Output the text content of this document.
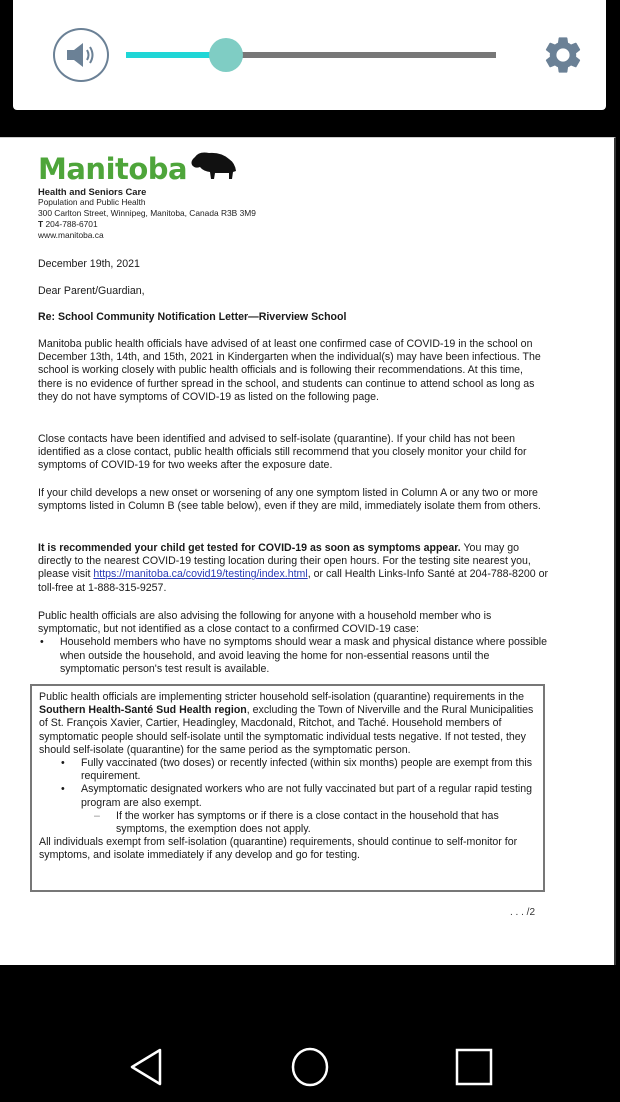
Manitoba
Health and Seniors Care
Population and Public Health
300 Carlton Street, Winnipeg, Manitoba, Canada R3B 3M9
T 204-788-6701
www.manitoba.ca
December 19th, 2021
Dear Parent/Guardian,
Re: School Community Notification Letter—Riverview School
Manitoba public health officials have advised of at least one confirmed case of COVID-19 in the school on December 13th, 14th, and 15th, 2021 in Kindergarten when the individual(s) may have been infectious. The school is working closely with public health officials and is following their recommendations. At this time, there is no evidence of further spread in the school, and students can continue to attend school as long as they do not have symptoms of COVID-19 as listed on the following page.
Close contacts have been identified and advised to self-isolate (quarantine). If your child has not been identified as a close contact, public health officials still recommend that you closely monitor your child for symptoms of COVID-19 for two weeks after the exposure date.
If your child develops a new onset or worsening of any one symptom listed in Column A or any two or more symptoms listed in Column B (see table below), even if they are mild, immediately isolate them from others.
It is recommended your child get tested for COVID-19 as soon as symptoms appear. You may go directly to the nearest COVID-19 testing location during their open hours. For the testing site nearest you, please visit https://manitoba.ca/covid19/testing/index.html, or call Health Links-Info Santé at 204-788-8200 or toll-free at 1-888-315-9257.
Public health officials are also advising the following for anyone with a household member who is symptomatic, but not identified as a close contact to a confirmed COVID-19 case:
• Household members who have no symptoms should wear a mask and physical distance where possible when outside the household, and avoid leaving the home for non-essential reasons until the symptomatic person's test result is available.
Public health officials are implementing stricter household self-isolation (quarantine) requirements in the Southern Health-Santé Sud Health region, excluding the Town of Niverville and the Rural Municipalities of St. François Xavier, Cartier, Headingley, Macdonald, Ritchot, and Taché. Household members of symptomatic people should self-isolate until the symptomatic individual tests negative. If not tested, they should self-isolate (quarantine) for the same period as the symptomatic person.
• Fully vaccinated (two doses) or recently infected (within six months) people are exempt from this requirement.
• Asymptomatic designated workers who are not fully vaccinated but part of a regular rapid testing program are also exempt.
– If the worker has symptoms or if there is a close contact in the household that has symptoms, the exemption does not apply.
All individuals exempt from self-isolation (quarantine) requirements, should continue to self-monitor for symptoms, and isolate immediately if any develop and go for testing.
. . . /2
